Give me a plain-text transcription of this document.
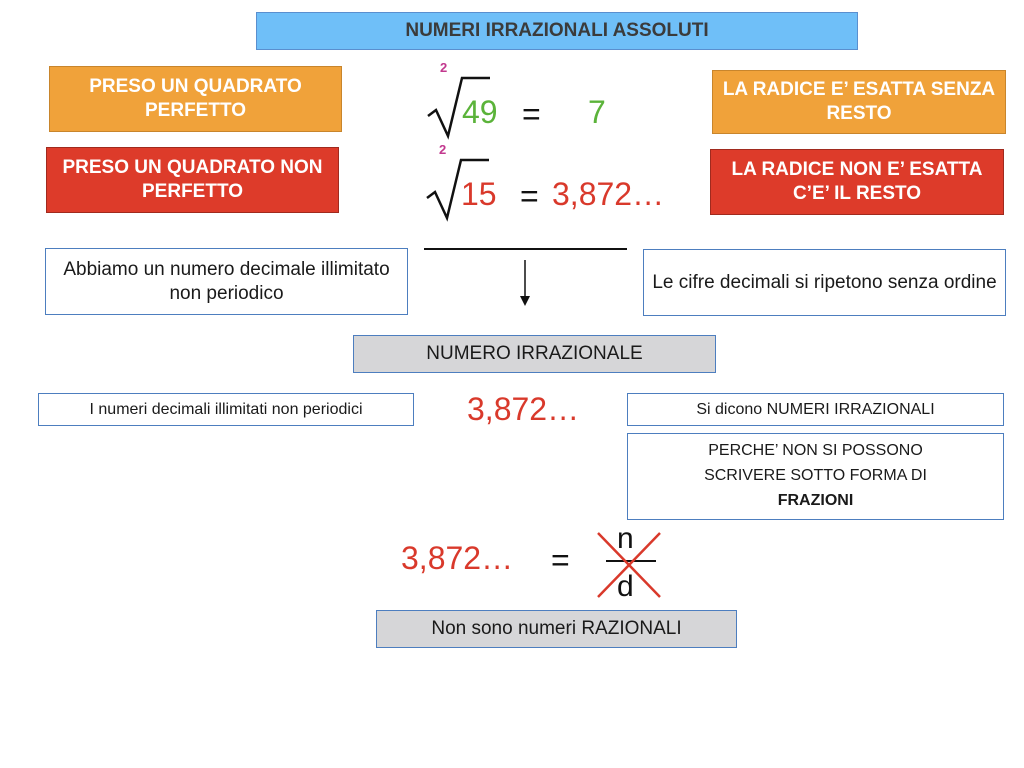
NUMERI IRRAZIONALI ASSOLUTI
PRESO UN QUADRATO PERFETTO
2
49 = 7
LA RADICE E’ ESATTA SENZA RESTO
PRESO UN QUADRATO NON PERFETTO
2
15 = 3,872…
LA RADICE NON E’ ESATTA C’E’ IL RESTO
Abbiamo un numero decimale illimitato non periodico
Le cifre decimali si ripetono senza ordine
NUMERO IRRAZIONALE
I numeri decimali illimitati non periodici	3,872…	Si dicono NUMERI IRRAZIONALI
PERCHE’ NON SI POSSONO SCRIVERE SOTTO FORMA DI
FRAZIONI
3,872… =
n
d
Non sono numeri RAZIONALI
